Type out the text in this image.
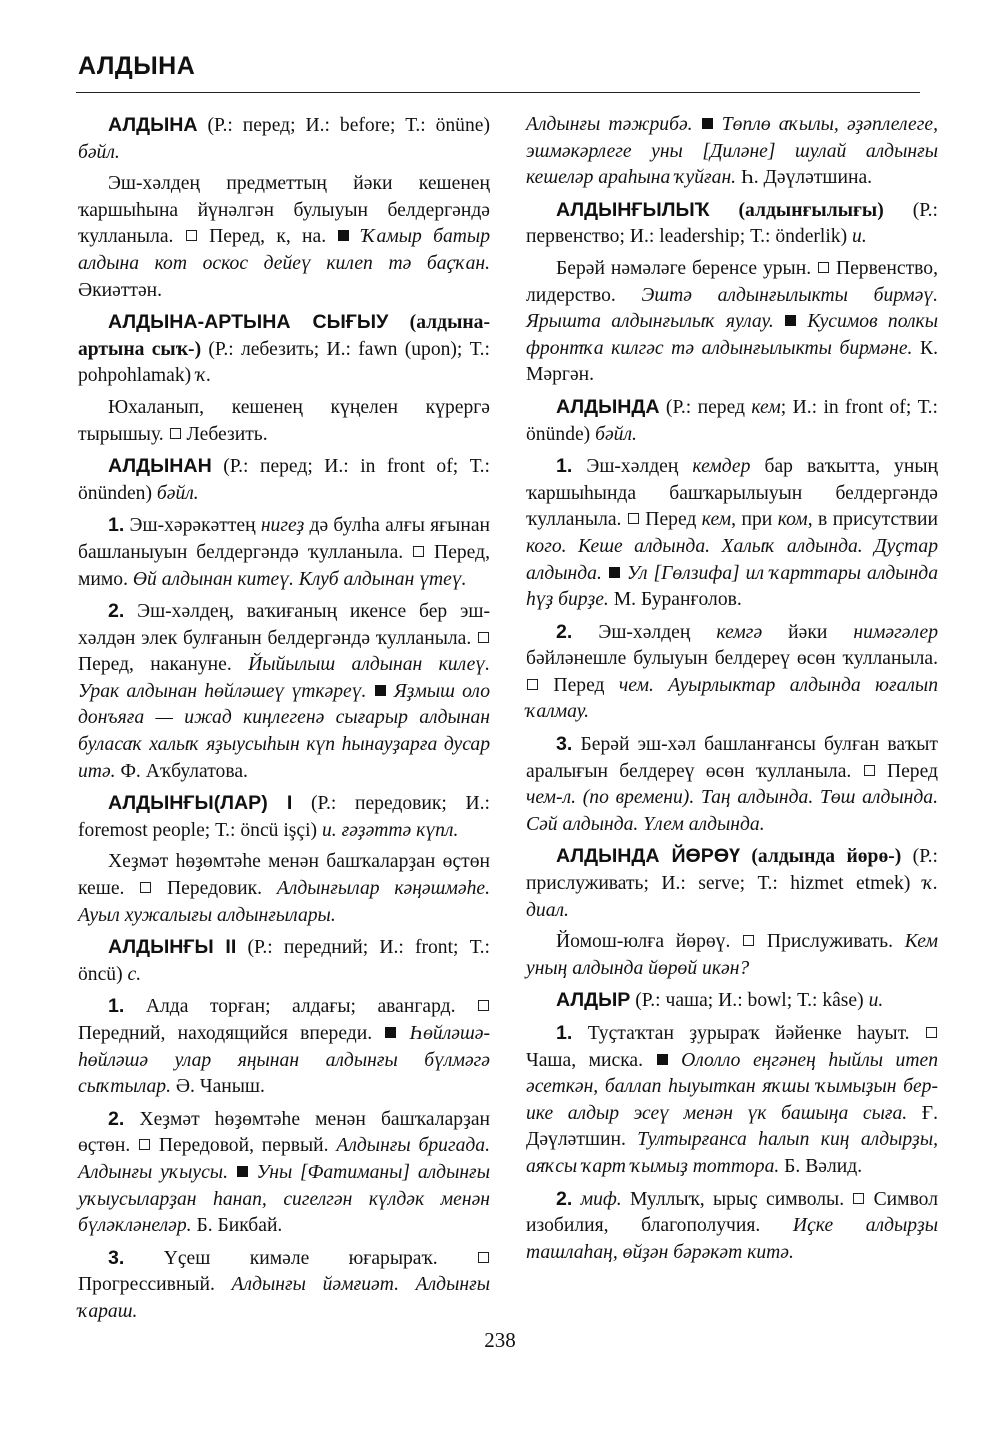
АЛДЫНА

АЛДЫНА (Р.: перед; И.: before; Т.: önüne) бәйл.

Эш-хәлдең предметтың йәки кешенең ҡаршыһына йүнәлгән булыуын белдергәндә ҡулланыла.  Перед, к, на.  Ҡамыр батыр алдына кот оскос дейеү килеп тә баҫҡан. Әкиәттән.

АЛДЫНА-АРТЫНА СЫҒЫУ (алдына-артына сыҡ-) (Р.: лебезить; И.: fawn (upon); Т.: pohpohlamak) ҡ.

Юхаланып, кешенең күңелен күрергә тырышыу.  Лебезить.

АЛДЫНАН (Р.: перед; И.: in front of; Т.: önünden) бәйл.

1. Эш-хәрәкәттең нигеҙ дә булһа алғы яғынан башланыуын белдергәндә ҡулланыла.  Перед, мимо. Өй алдынан китеү. Клуб алдынан үтеү.

2. Эш-хәлдең, ваҡиғаның икенсе бер эш-хәлдән элек булғанын белдергәндә ҡулланыла.  Перед, накануне. Йыйылыш алдынан килеү. Урак алдынан һөйләшеү үткәреү.  Яҙмыш оло донъяға — ижад киңлегенә сығарыр алдынан буласаҡ халыҡ яҙыусыһын күп һынауҙарға дусар итә. Ф. Аҡбулатова.

АЛДЫНҒЫ(ЛАР) I (Р.: передовик; И.: foremost people; Т.: öncü işçi) и. ғәҙәттә күпл.

Хеҙмәт һөҙөмтәһе менән башҡаларҙан өҫтөн кеше.  Передовик. Алдынғылар кәңәшмәһе. Ауыл хужалығы алдынғылары.

АЛДЫНҒЫ II (Р.: передний; И.: front; Т.: öncü) с.

1. Алда торған; алдағы; авангард.  Передний, находящийся впереди.  Һөйләшә-һөйләшә улар яңынан алдынғы бүлмәгә сыҡтылар. Ә. Чаныш.

2. Хеҙмәт һөҙөмтәһе менән башҡаларҙан өҫтөн.  Передовой, первый. Алдынғы бригада. Алдынғы уҡыусы.  Уны [Фатиманы] алдынғы уҡыусыларҙан һанап, сигелгән күлдәк менән бүләкләнеләр. Б. Бикбай.

3. Үҫеш кимәле юғарыраҡ.  Прогрессивный. Алдынғы йәмғиәт. Алдынғы ҡараш.

Алдынғы тәжрибә.  Төплө аҡылы, әҙәплелеге, эшмәкәрлеге уны [Диләне] шулай алдынғы кешеләр араһына ҡуйған. Һ. Дәүләтшина.

АЛДЫНҒЫЛЫҠ (алдынғылығы) (Р.: первенство; И.: leadership; Т.: önderlik) и.

Берәй нәмәләге беренсе урын.  Первенство, лидерство. Эштә алдынғылыкты бирмәү. Ярышта алдынғылыҡ яулау.  Кусимов полкы фронтҡа килгәс тә алдынғылыкты бирмәне. К. Мәргән.

АЛДЫНДА (Р.: перед кем; И.: in front of; Т.: önünde) бәйл.

1. Эш-хәлдең кемдер бар ваҡытта, уның ҡаршыһында башҡарылыуын белдергәндә ҡулланыла.  Перед кем, при ком, в присутствии кого. Кеше алдында. Халыҡ алдында. Дуҫтар алдында.  Ул [Гөлзифа] ил ҡарттары алдында һүҙ бирҙе. М. Буранғолов.

2. Эш-хәлдең кемгә йәки нимәгәлер бәйләнешле булыуын белдереү өсөн ҡулланыла.  Перед чем. Ауырлыктар алдында юғалып ҡалмау.

3. Берәй эш-хәл башланғансы булған ваҡыт аралығын белдереү өсөн ҡулланыла.  Перед чем-л. (по времени). Таң алдында. Төш алдында. Сәй алдында. Үлем алдында.

АЛДЫНДА ЙӨРӨҮ (алдында йөрө-) (Р.: прислуживать; И.: serve; Т.: hizmet etmek) ҡ. диал.

Йомош-юлға йөрөү.  Прислуживать. Кем уның алдында йөрөй икән?

АЛДЫР (Р.: чаша; И.: bowl; Т.: kâse) и.

1. Туҫтаҡтан ҙурыраҡ йәйенке һауыт.  Чаша, миска.  Ололло еңгәнең һыйлы итеп әсеткән, баллап һыуыткан яҡшы ҡымыҙын бер-ике алдыр эсеү менән үк башыңа сыға. Ғ. Дәүләтшин. Тултырғанса һалып киң алдырҙы, аяҡсы ҡарт ҡымыҙ тоттора. Б. Вәлид.

2. миф. Муллыҡ, ырыҫ символы.  Символ изобилия, благополучия. Иҫке алдырҙы ташлаһаң, өйҙән бәрәкәт китә.

238
